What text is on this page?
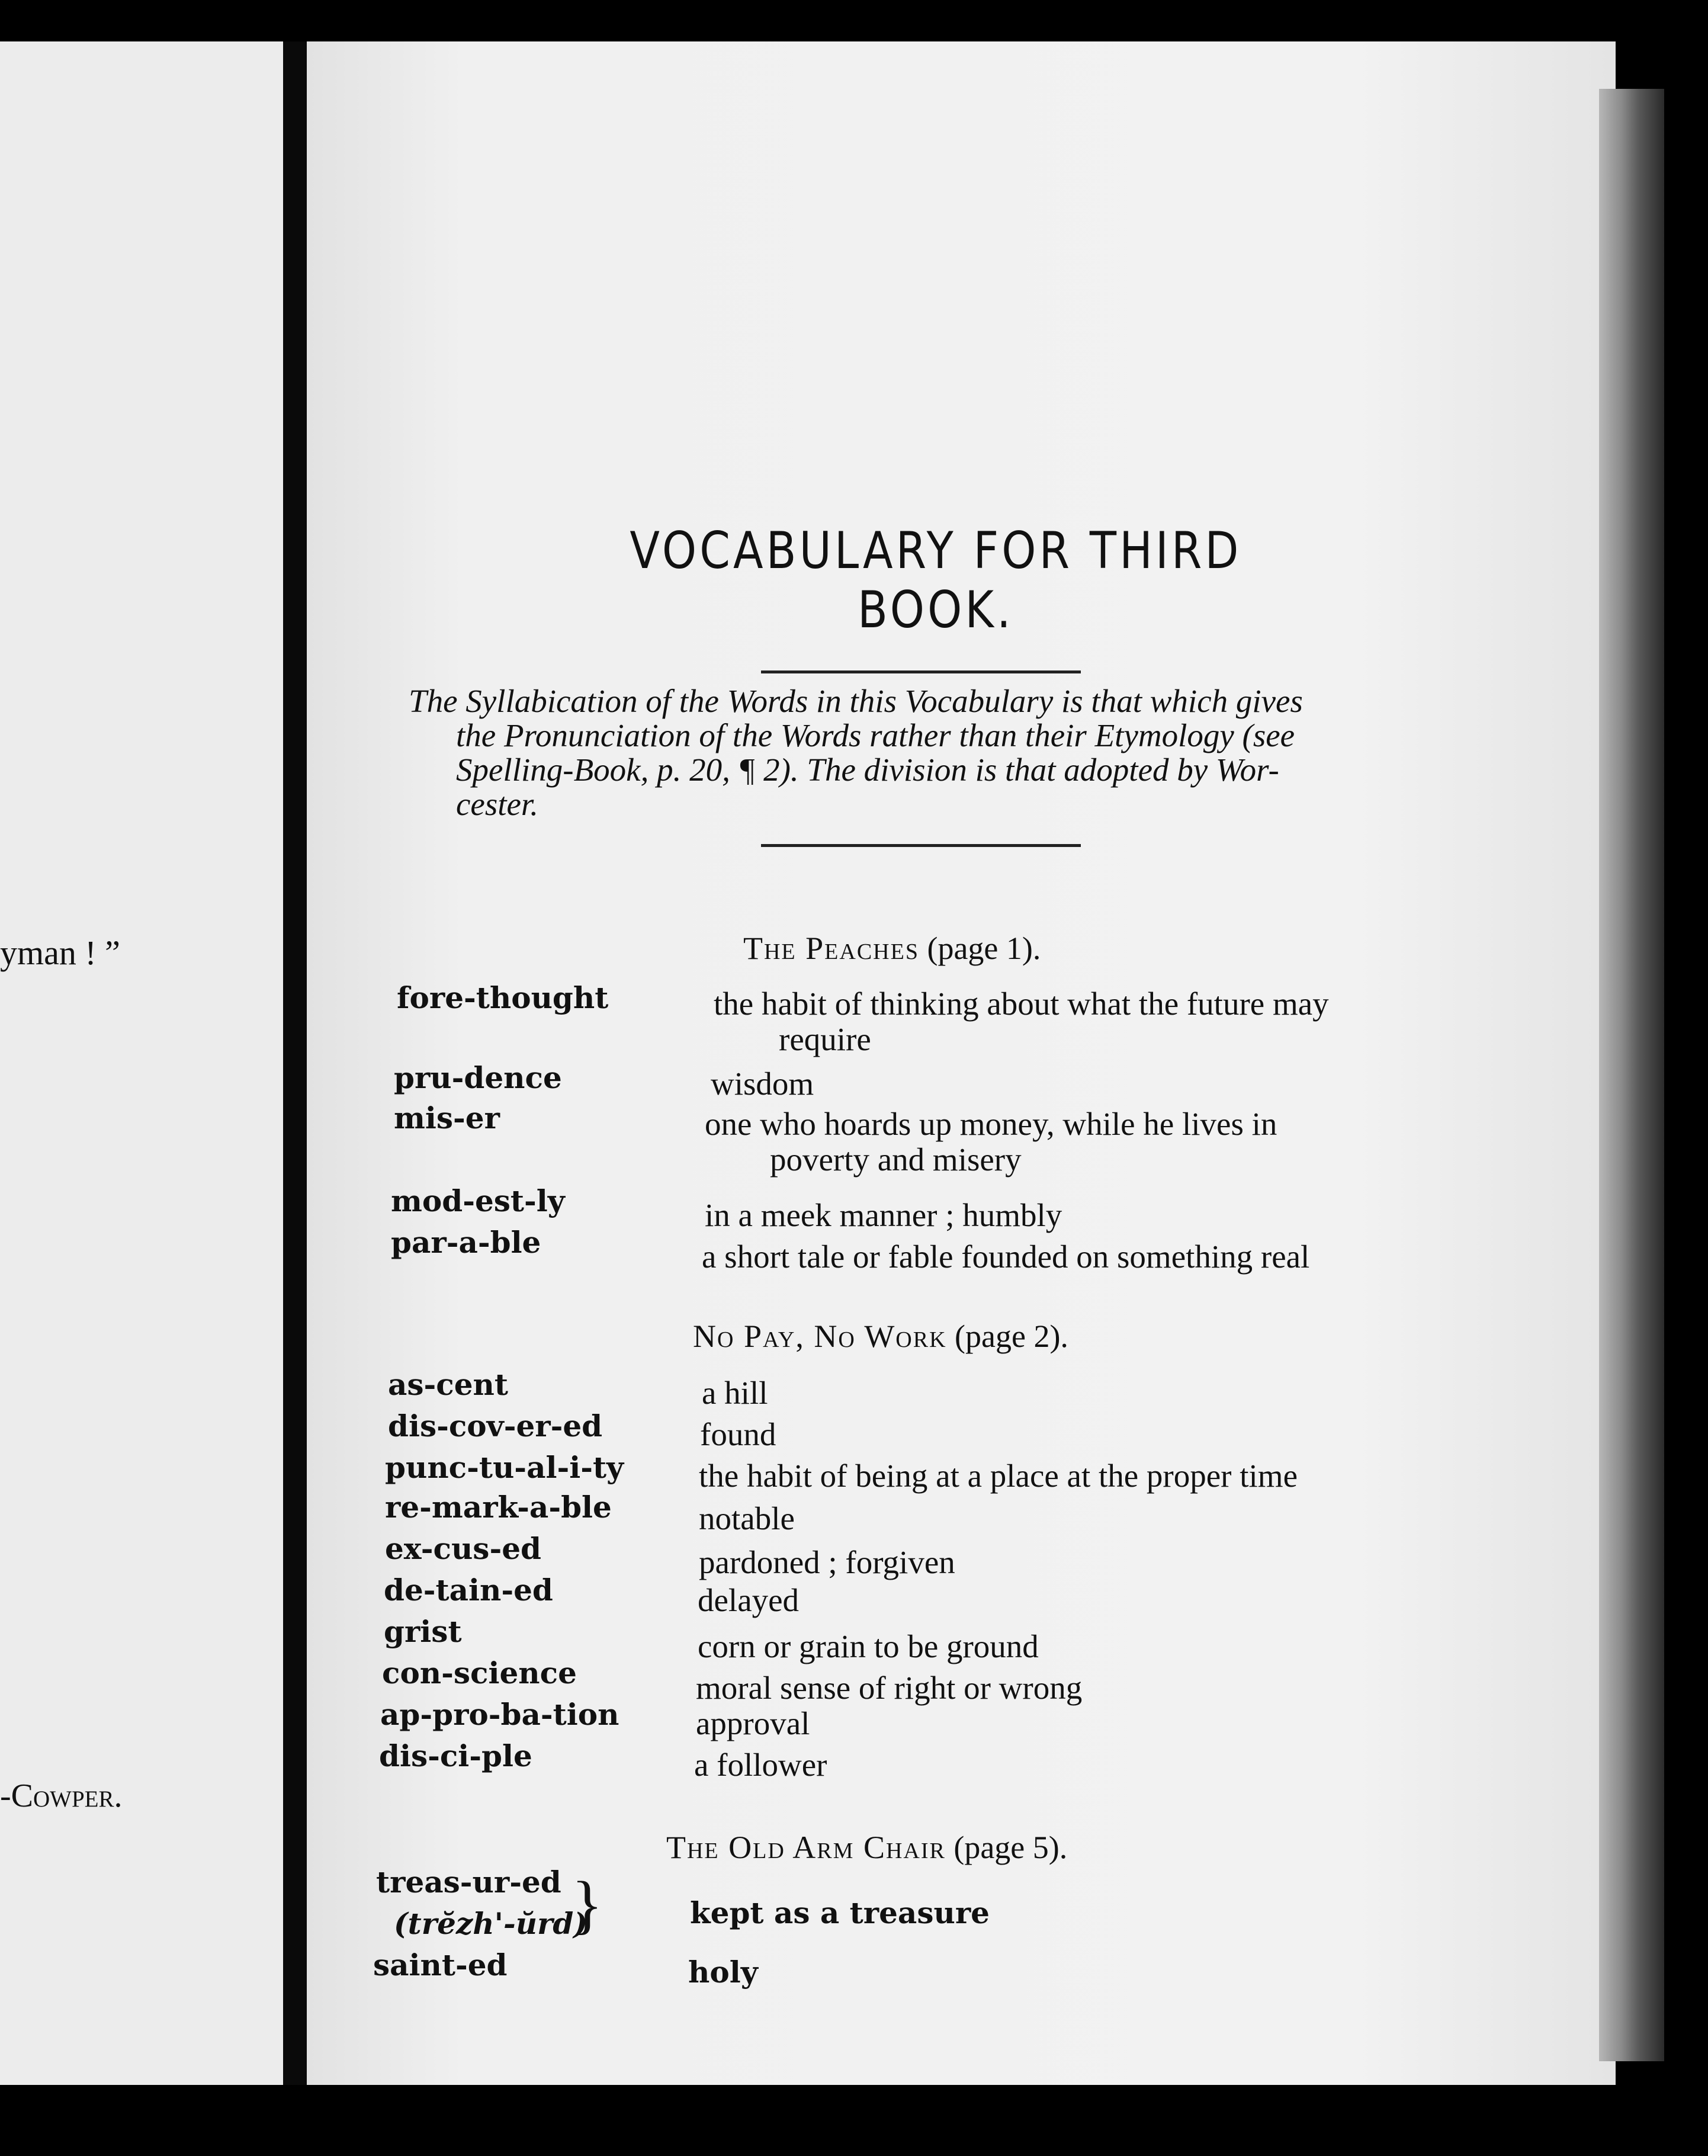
yman ! ”
-Cowper.
VOCABULARY FOR THIRD BOOK.
The Syllabication of the Words in this Vocabulary is that which gives
the Pronunciation of the Words rather than their Etymology (see
Spelling-Book, p. 20, ¶ 2). The division is that adopted by Wor-
cester.
The Peaches (page 1).
fore-thought	the habit of thinking about what the future may
require
pru-dence	wisdom
mis-er	one who hoards up money, while he lives in
poverty and misery
mod-est-ly	in a meek manner ; humbly
par-a-ble	a short tale or fable founded on something real
No Pay, No Work (page 2).
as-cent	a hill
dis-cov-er-ed	found
punc-tu-al-i-ty the habit of being at a place at the proper time
re-mark-a-ble	notable
ex-cus-ed	pardoned ; forgiven
de-tain-ed	delayed
grist	corn or grain to be ground
con-science	moral sense of right or wrong
ap-pro-ba-tion approval
dis-ci-ple	a follower
The Old Arm Chair (page 5).
treas-ur-ed
(trĕzh'-ŭrd)
}	kept as a treasure
saint-ed	holy
